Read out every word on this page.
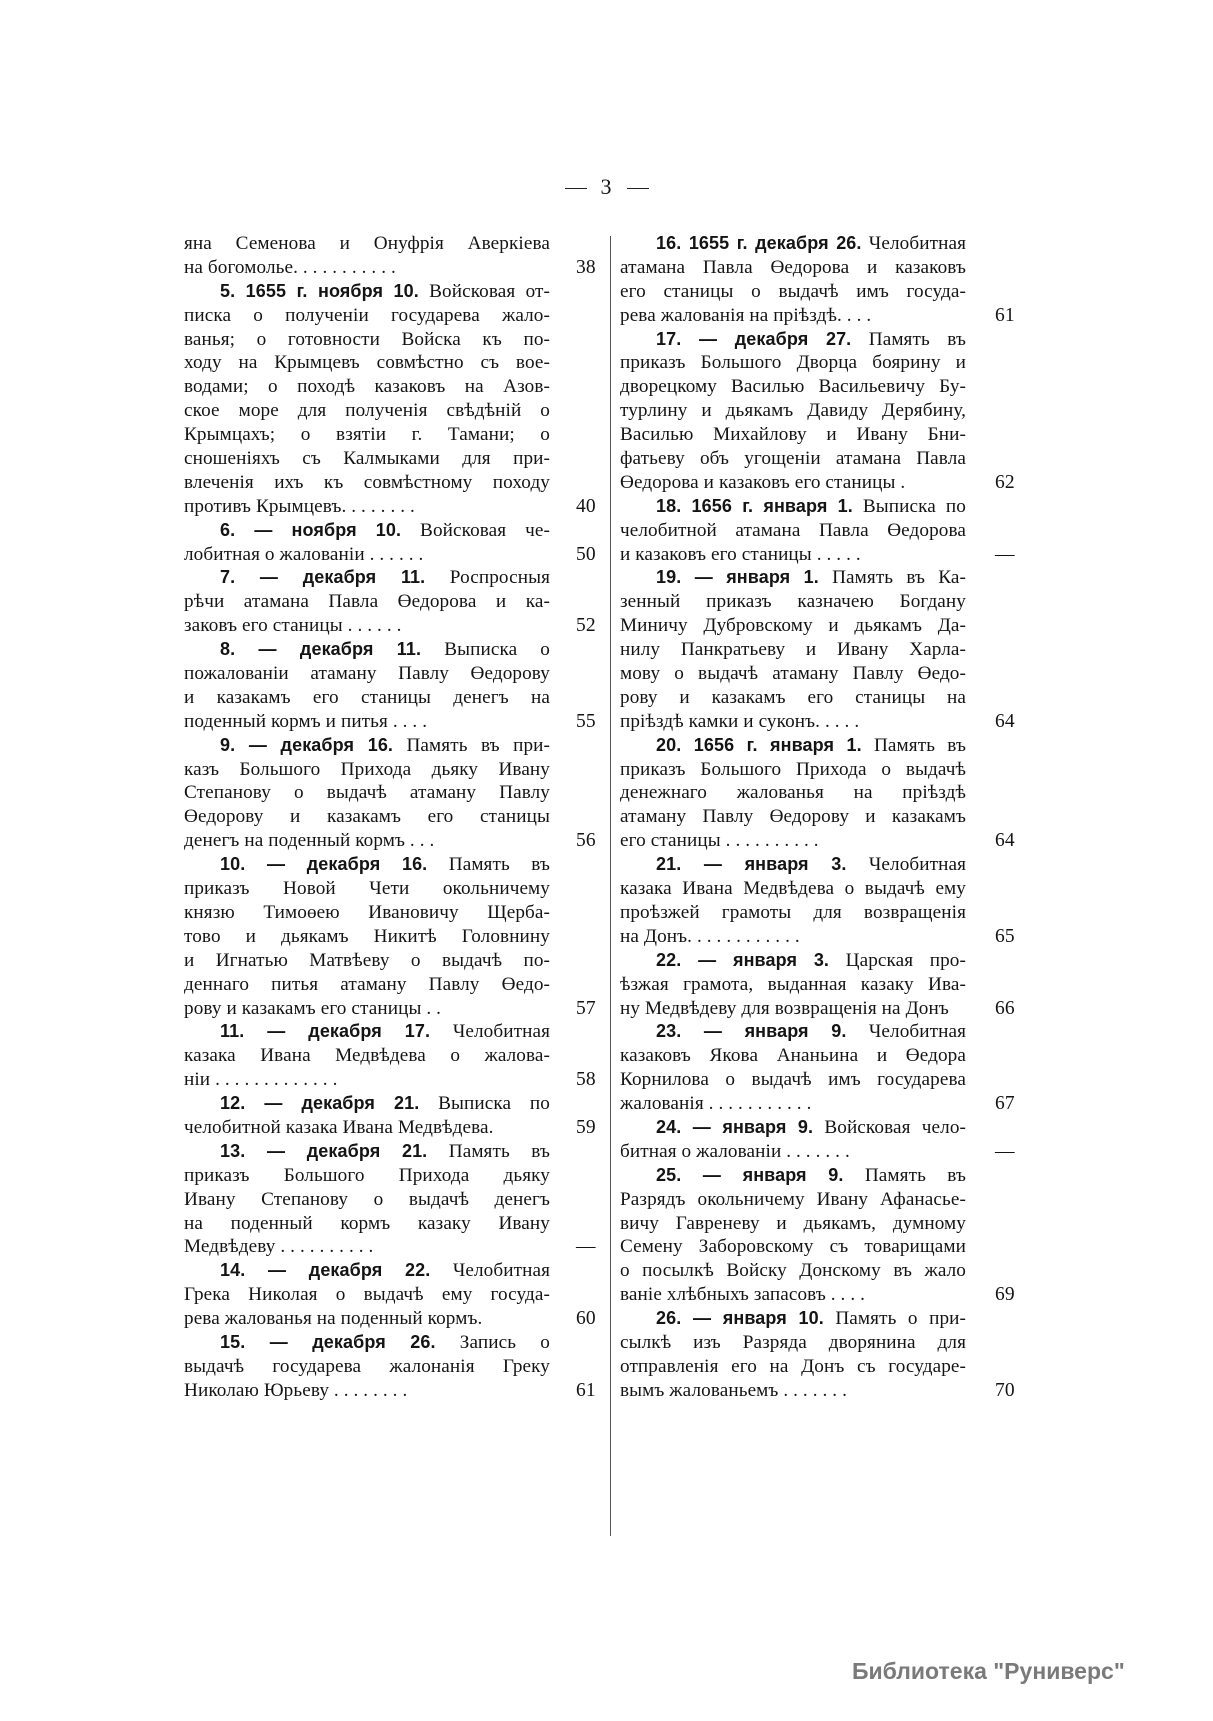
3
яна Семенова и Онуфрія Аверкіева
на богомолье. . . . . . . . . . .	38
5. 1655 г. ноября 10. Войсковая от-
писка о полученіи государева жало-
ванья; о готовности Войска къ по-
ходу на Крымцевъ совмѣстно съ вое-
водами; о походѣ казаковъ на Азов-
ское море для полученія свѣдѣній о
Крымцахъ; о взятіи г. Тамани; о
сношеніяхъ съ Калмыками для при-
влеченія ихъ къ совмѣстному походу
противъ Крымцевъ. . . . . . . .	40
6. — ноября 10. Войсковая че-
лобитная о жалованіи . . . . . .	50
7. — декабря 11. Роспросныя
рѣчи атамана Павла Өедорова и ка-
заковъ его станицы . . . . . .	52
8. — декабря 11. Выписка о
пожалованіи атаману Павлу Өедорову
и казакамъ его станицы денегъ на
поденный кормъ и питья . . . .	55
9. — декабря 16. Память въ при-
казъ Большого Прихода дьяку Ивану
Степанову о выдачѣ атаману Павлу
Өедорову и казакамъ его станицы
денегъ на поденный кормъ . . .	56
10. — декабря 16. Память въ
приказъ Новой Чети окольничему
князю Тимоөею Ивановичу Щерба-
тово и дьякамъ Никитѣ Головнину
и Игнатью Матвѣеву о выдачѣ по-
деннаго питья атаману Павлу Өедо-
рову и казакамъ его станицы . .	57
11. — декабря 17. Челобитная
казака Ивана Медвѣдева о жалова-
ніи . . . . . . . . . . . . .	58
12. — декабря 21. Выписка по
челобитной казака Ивана Медвѣдева.	59
13. — декабря 21. Память въ
приказъ Большого Прихода дьяку
Ивану Степанову о выдачѣ денегъ
на поденный кормъ казаку Ивану
Медвѣдеву . . . . . . . . . .	—
14. — декабря 22. Челобитная
Грека Николая о выдачѣ ему госуда-
рева жалованья на поденный кормъ.	60
15. — декабря 26. Запись о
выдачѣ государева жалонанія Греку
Николаю Юрьеву . . . . . . . .	61
16. 1655 г. декабря 26. Челобитная
атамана Павла Өедорова и казаковъ
его станицы о выдачѣ имъ госуда-
рева жалованія на пріѣздѣ. . . .	61
17. — декабря 27. Память въ
приказъ Большого Дворца боярину и
дворецкому Василью Васильевичу Бу-
турлину и дьякамъ Давиду Дерябину,
Василью Михайлову и Ивану Бни-
фатьеву объ угощеніи атамана Павла
Өедорова и казаковъ его станицы .	62
18. 1656 г. января 1. Выписка по
челобитной атамана Павла Өедорова
и казаковъ его станицы . . . . .	—
19. — января 1. Память въ Ка-
зенный приказъ казначею Богдану
Миничу Дубровскому и дьякамъ Да-
нилу Панкратьеву и Ивану Харла-
мову о выдачѣ атаману Павлу Өедо-
рову и казакамъ его станицы на
пріѣздѣ камки и суконъ. . . . .	64
20. 1656 г. января 1. Память въ
приказъ Большого Прихода о выдачѣ
денежнаго жалованья на пріѣздѣ
атаману Павлу Өедорову и казакамъ
его станицы . . . . . . . . . .	64
21. — января 3. Челобитная
казака Ивана Медвѣдева о выдачѣ ему
проѣзжей грамоты для возвращенія
на Донъ. . . . . . . . . . . .	65
22. — января 3. Царская про-
ѣзжая грамота, выданная казаку Ива-
ну Медвѣдеву для возвращенія на Донъ 66
23. — января 9. Челобитная
казаковъ Якова Ананьина и Өедора
Корнилова о выдачѣ имъ государева
жалованія . . . . . . . . . . .	67
24. — января 9. Войсковая чело-
битная о жалованіи . . . . . . .	—
25. — января 9. Память въ
Разрядъ окольничему Ивану Афанасье-
вичу Гавреневу и дьякамъ, думному
Семену Заборовскому съ товарищами
о посылкѣ Войску Донскому въ жало
ваніе хлѣбныхъ запасовъ . . . .	69
26. — января 10. Память о при-
сылкѣ изъ Разряда дворянина для
отправленія его на Донъ съ государе-
вымъ жалованьемъ . . . . . . .	70
Библиотека "Руниверс"
